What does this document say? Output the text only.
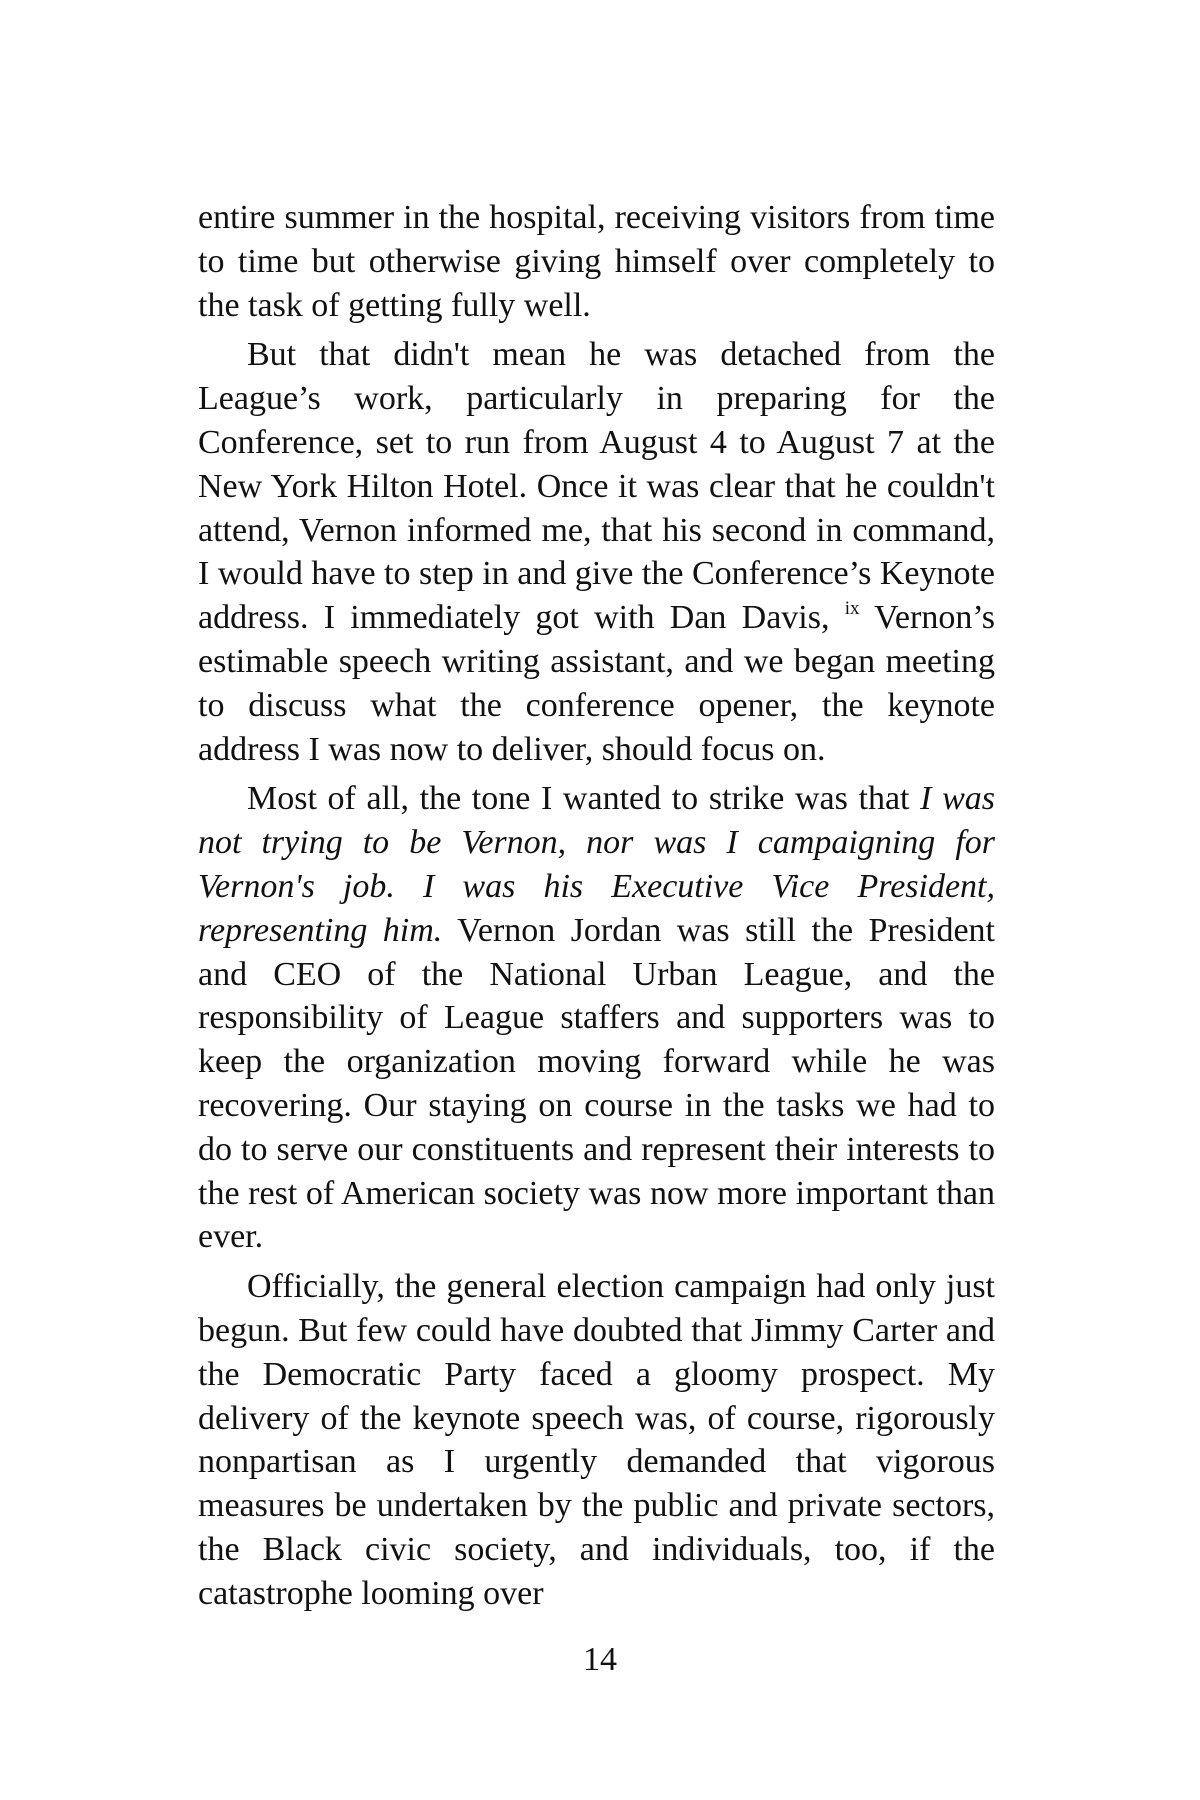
entire summer in the hospital, receiving visitors from time to time but otherwise giving himself over completely to the task of getting fully well.

But that didn't mean he was detached from the League’s work, particularly in preparing for the Conference, set to run from August 4 to August 7 at the New York Hilton Hotel. Once it was clear that he couldn't attend, Vernon informed me, that his second in command, I would have to step in and give the Conference’s Keynote address. I immediately got with Dan Davis, $^{ix}$ Vernon’s estimable speech writing assistant, and we began meeting to discuss what the conference opener, the keynote address I was now to deliver, should focus on.

Most of all, the tone I wanted to strike was that I was not trying to be Vernon, nor was I campaigning for Vernon's job. I was his Executive Vice President, representing him. Vernon Jordan was still the President and CEO of the National Urban League, and the responsibility of League staffers and supporters was to keep the organization moving forward while he was recovering. Our staying on course in the tasks we had to do to serve our constituents and represent their interests to the rest of American society was now more important than ever.

Officially, the general election campaign had only just begun. But few could have doubted that Jimmy Carter and the Democratic Party faced a gloomy prospect. My delivery of the keynote speech was, of course, rigorously nonpartisan as I urgently demanded that vigorous measures be undertaken by the public and private sectors, the Black civic society, and individuals, too, if the catastrophe looming over

14
